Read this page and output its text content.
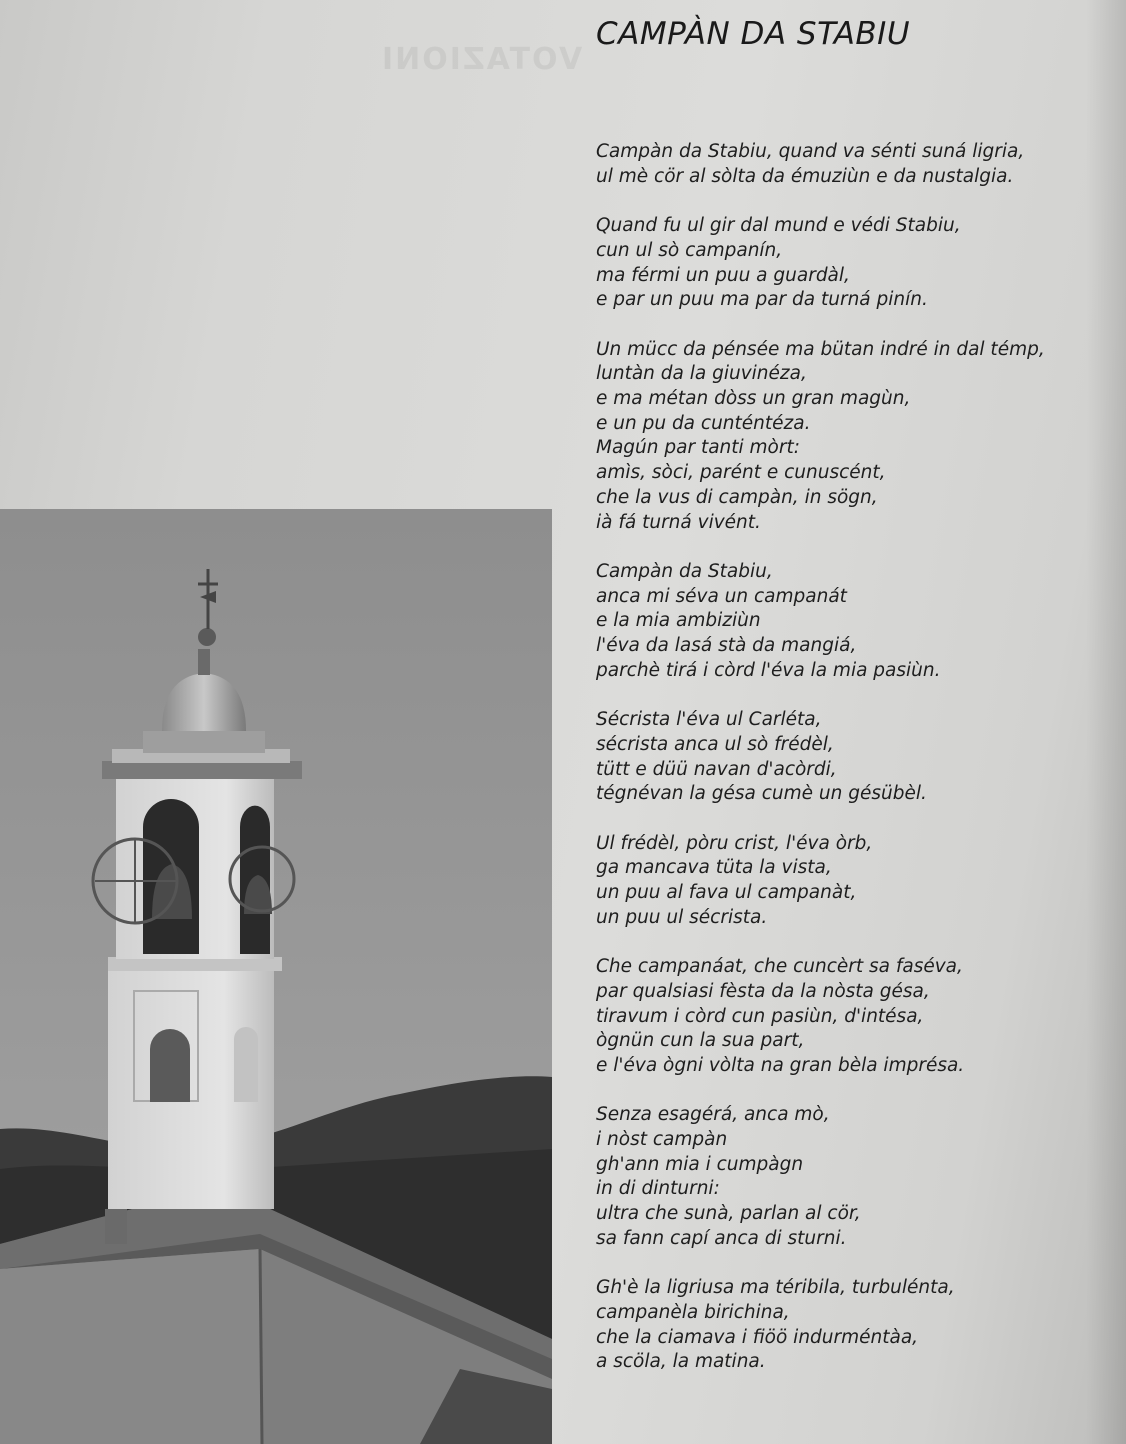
VOTAZIONI
CAMPÀN DA STABIU

Campàn da Stabiu, quand va sénti suná ligria,
ul mè cör al sòlta da émuziùn e da nustalgia.

Quand fu ul gir dal mund e védi Stabiu,
cun ul sò campanín,
ma férmi un puu a guardàl,
e par un puu ma par da turná pinín.

Un mücc da pénsée ma bütan indré in dal témp,
luntàn da la giuvinéza,
e ma métan dòss un gran magùn,
e un pu da cunténtéza.
Magún par tanti mòrt:
amìs, sòci, parént e cunuscént,
che la vus di campàn, in sögn,
ià fá turná vivént.

Campàn da Stabiu,
anca mi séva un campanát
e la mia ambiziùn
l'éva da lasá stà da mangiá,
parchè tirá i còrd l'éva la mia pasiùn.

Sécrista l'éva ul Carléta,
sécrista anca ul sò frédèl,
tütt e düü navan d'acòrdi,
tégnévan la gésa cumè un gésübèl.

Ul frédèl, pòru crist, l'éva òrb,
ga mancava tüta la vista,
un puu al fava ul campanàt,
un puu ul sécrista.

Che campanáat, che cuncèrt sa faséva,
par qualsiasi fèsta da la nòsta gésa,
tiravum i còrd cun pasiùn, d'intésa,
ògnün cun la sua part,
e l'éva ògni vòlta na gran bèla imprésa.

Senza esagérá, anca mò,
i nòst campàn
gh'ann mia i cumpàgn
in di dinturni:
ultra che sunà, parlan al cör,
sa fann capí anca di sturni.

Gh'è la ligriusa ma téribila, turbulénta,
campanèla birichina,
che la ciamava i fiöö indurméntàa,
a scöla, la matina.
